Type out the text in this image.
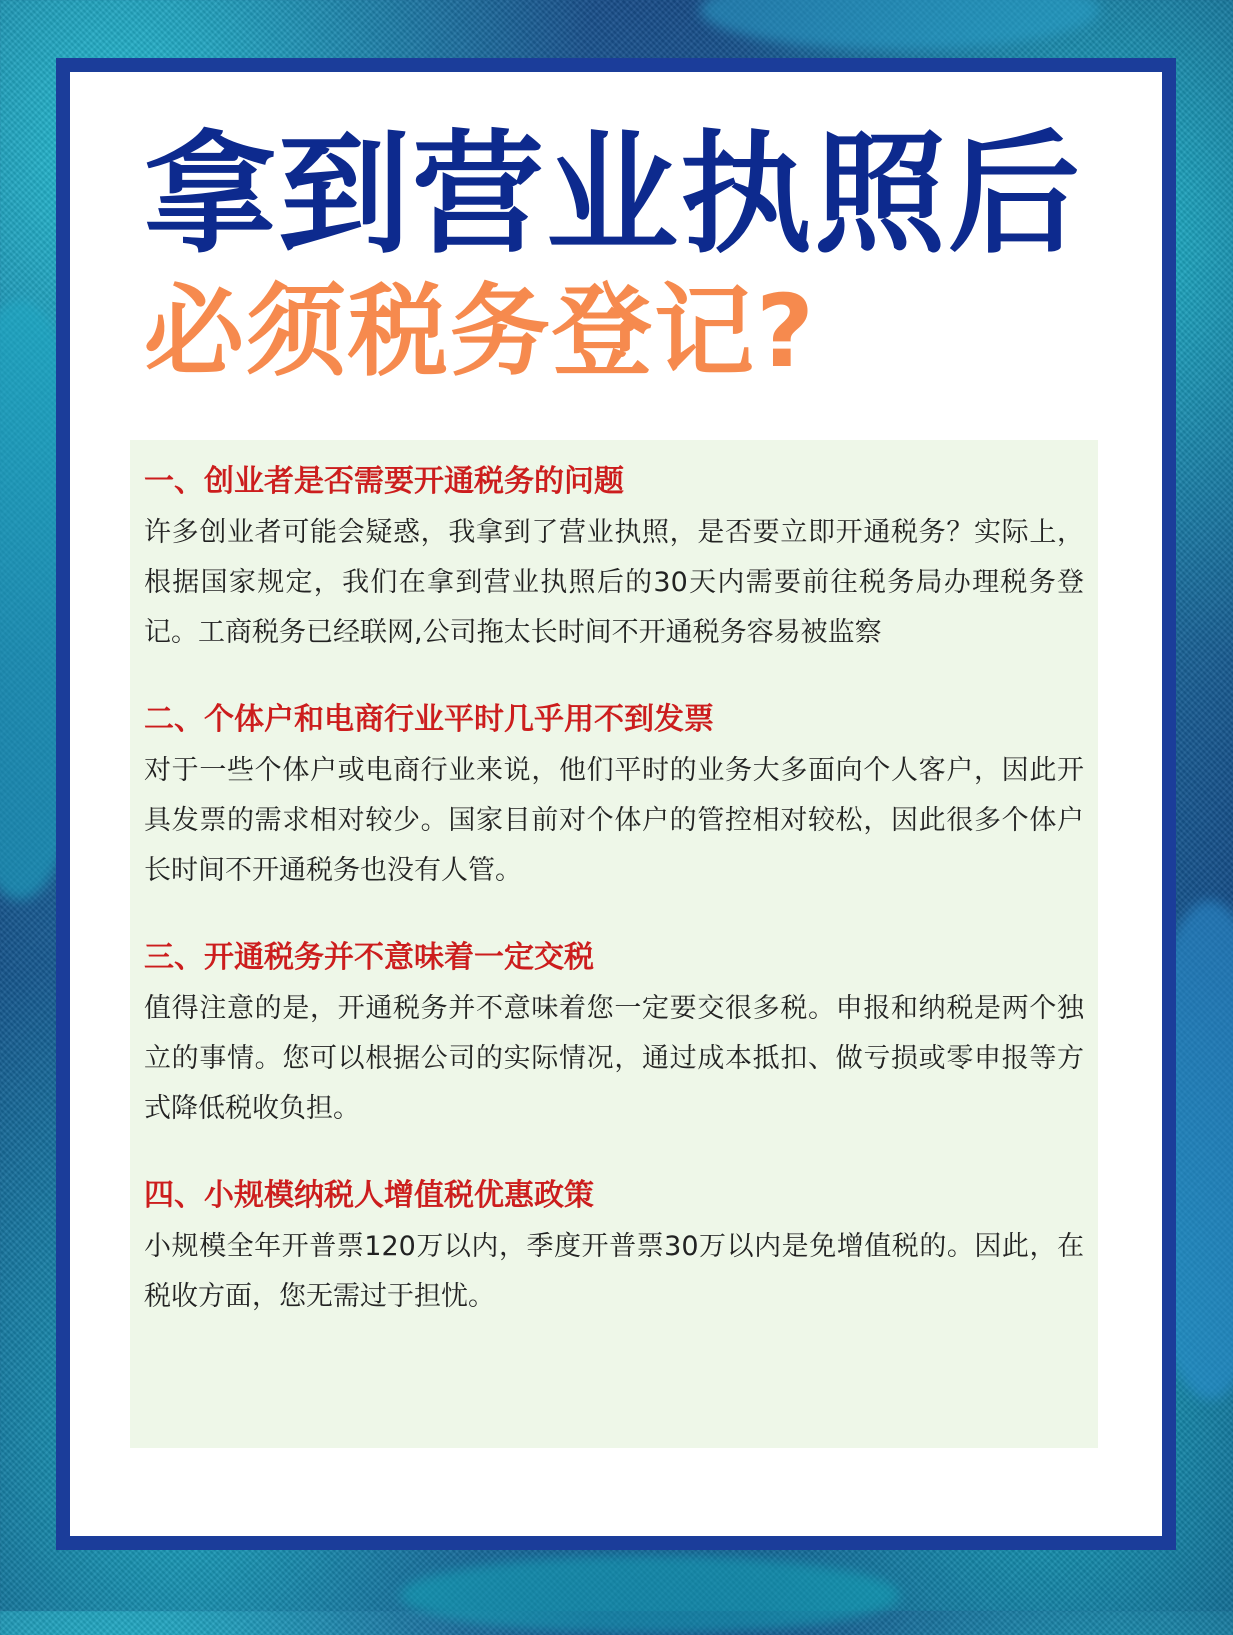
拿到营业执照后
必须税务登记?

一、创业者是否需要开通税务的问题

许多创业者可能会疑惑，我拿到了营业执照，是否要立即开通税务？实际上，根据国家规定，我们在拿到营业执照后的30天内需要前往税务局办理税务登记。工商税务已经联网,公司拖太长时间不开通税务容易被监察

二、个体户和电商行业平时几乎用不到发票

对于一些个体户或电商行业来说，他们平时的业务大多面向个人客户，因此开具发票的需求相对较少。国家目前对个体户的管控相对较松，因此很多个体户长时间不开通税务也没有人管。

三、开通税务并不意味着一定交税

值得注意的是，开通税务并不意味着您一定要交很多税。申报和纳税是两个独立的事情。您可以根据公司的实际情况，通过成本抵扣、做亏损或零申报等方式降低税收负担。

四、小规模纳税人增值税优惠政策

小规模全年开普票120万以内，季度开普票30万以内是免增值税的。因此，在税收方面，您无需过于担忧。
